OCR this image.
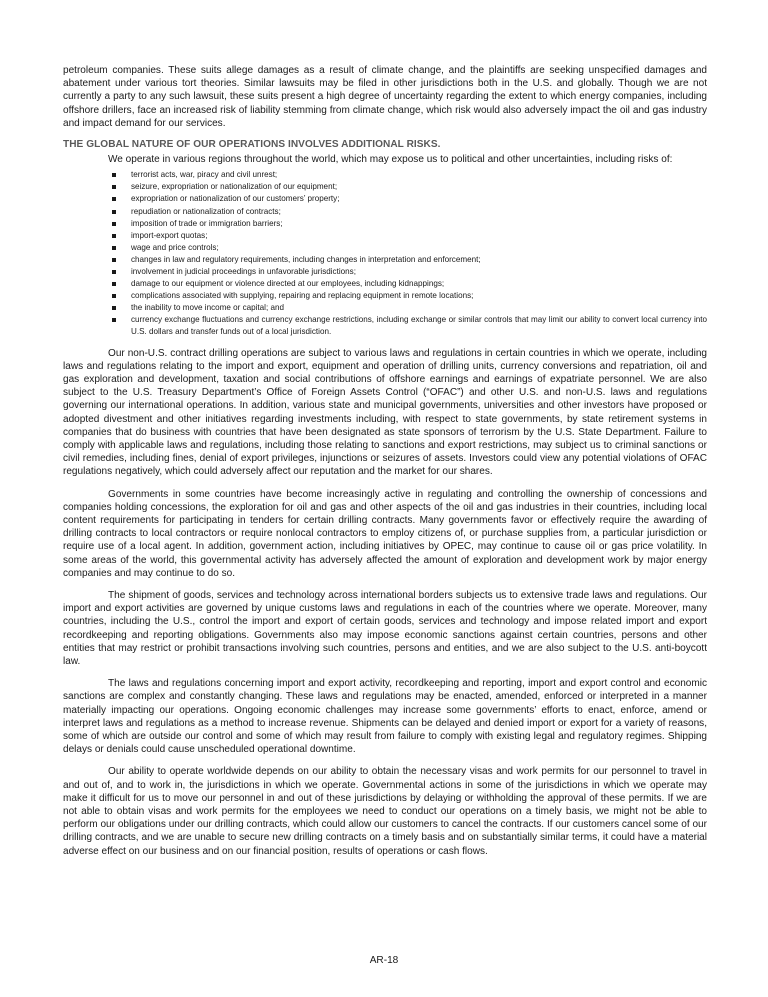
petroleum companies. These suits allege damages as a result of climate change, and the plaintiffs are seeking unspecified damages and abatement under various tort theories. Similar lawsuits may be filed in other jurisdictions both in the U.S. and globally. Though we are not currently a party to any such lawsuit, these suits present a high degree of uncertainty regarding the extent to which energy companies, including offshore drillers, face an increased risk of liability stemming from climate change, which risk would also adversely impact the oil and gas industry and impact demand for our services.

THE GLOBAL NATURE OF OUR OPERATIONS INVOLVES ADDITIONAL RISKS.

We operate in various regions throughout the world, which may expose us to political and other uncertainties, including risks of:

terrorist acts, war, piracy and civil unrest;
seizure, expropriation or nationalization of our equipment;
expropriation or nationalization of our customers’ property;
repudiation or nationalization of contracts;
imposition of trade or immigration barriers;
import-export quotas;
wage and price controls;
changes in law and regulatory requirements, including changes in interpretation and enforcement;
involvement in judicial proceedings in unfavorable jurisdictions;
damage to our equipment or violence directed at our employees, including kidnappings;
complications associated with supplying, repairing and replacing equipment in remote locations;
the inability to move income or capital; and
currency exchange fluctuations and currency exchange restrictions, including exchange or similar controls that may limit our ability to convert local currency into U.S. dollars and transfer funds out of a local jurisdiction.

Our non-U.S. contract drilling operations are subject to various laws and regulations in certain countries in which we operate, including laws and regulations relating to the import and export, equipment and operation of drilling units, currency conversions and repatriation, oil and gas exploration and development, taxation and social contributions of offshore earnings and earnings of expatriate personnel. We are also subject to the U.S. Treasury Department’s Office of Foreign Assets Control (“OFAC”) and other U.S. and non-U.S. laws and regulations governing our international operations. In addition, various state and municipal governments, universities and other investors have proposed or adopted divestment and other initiatives regarding investments including, with respect to state governments, by state retirement systems in companies that do business with countries that have been designated as state sponsors of terrorism by the U.S. State Department. Failure to comply with applicable laws and regulations, including those relating to sanctions and export restrictions, may subject us to criminal sanctions or civil remedies, including fines, denial of export privileges, injunctions or seizures of assets. Investors could view any potential violations of OFAC regulations negatively, which could adversely affect our reputation and the market for our shares.

Governments in some countries have become increasingly active in regulating and controlling the ownership of concessions and companies holding concessions, the exploration for oil and gas and other aspects of the oil and gas industries in their countries, including local content requirements for participating in tenders for certain drilling contracts. Many governments favor or effectively require the awarding of drilling contracts to local contractors or require nonlocal contractors to employ citizens of, or purchase supplies from, a particular jurisdiction or require use of a local agent. In addition, government action, including initiatives by OPEC, may continue to cause oil or gas price volatility. In some areas of the world, this governmental activity has adversely affected the amount of exploration and development work by major energy companies and may continue to do so.

The shipment of goods, services and technology across international borders subjects us to extensive trade laws and regulations. Our import and export activities are governed by unique customs laws and regulations in each of the countries where we operate. Moreover, many countries, including the U.S., control the import and export of certain goods, services and technology and impose related import and export recordkeeping and reporting obligations. Governments also may impose economic sanctions against certain countries, persons and other entities that may restrict or prohibit transactions involving such countries, persons and entities, and we are also subject to the U.S. anti-boycott law.

The laws and regulations concerning import and export activity, recordkeeping and reporting, import and export control and economic sanctions are complex and constantly changing. These laws and regulations may be enacted, amended, enforced or interpreted in a manner materially impacting our operations. Ongoing economic challenges may increase some governments’ efforts to enact, enforce, amend or interpret laws and regulations as a method to increase revenue. Shipments can be delayed and denied import or export for a variety of reasons, some of which are outside our control and some of which may result from failure to comply with existing legal and regulatory regimes. Shipping delays or denials could cause unscheduled operational downtime.

Our ability to operate worldwide depends on our ability to obtain the necessary visas and work permits for our personnel to travel in and out of, and to work in, the jurisdictions in which we operate. Governmental actions in some of the jurisdictions in which we operate may make it difficult for us to move our personnel in and out of these jurisdictions by delaying or withholding the approval of these permits. If we are not able to obtain visas and work permits for the employees we need to conduct our operations on a timely basis, we might not be able to perform our obligations under our drilling contracts, which could allow our customers to cancel the contracts. If our customers cancel some of our drilling contracts, and we are unable to secure new drilling contracts on a timely basis and on substantially similar terms, it could have a material adverse effect on our business and on our financial position, results of operations or cash flows.

AR-18
